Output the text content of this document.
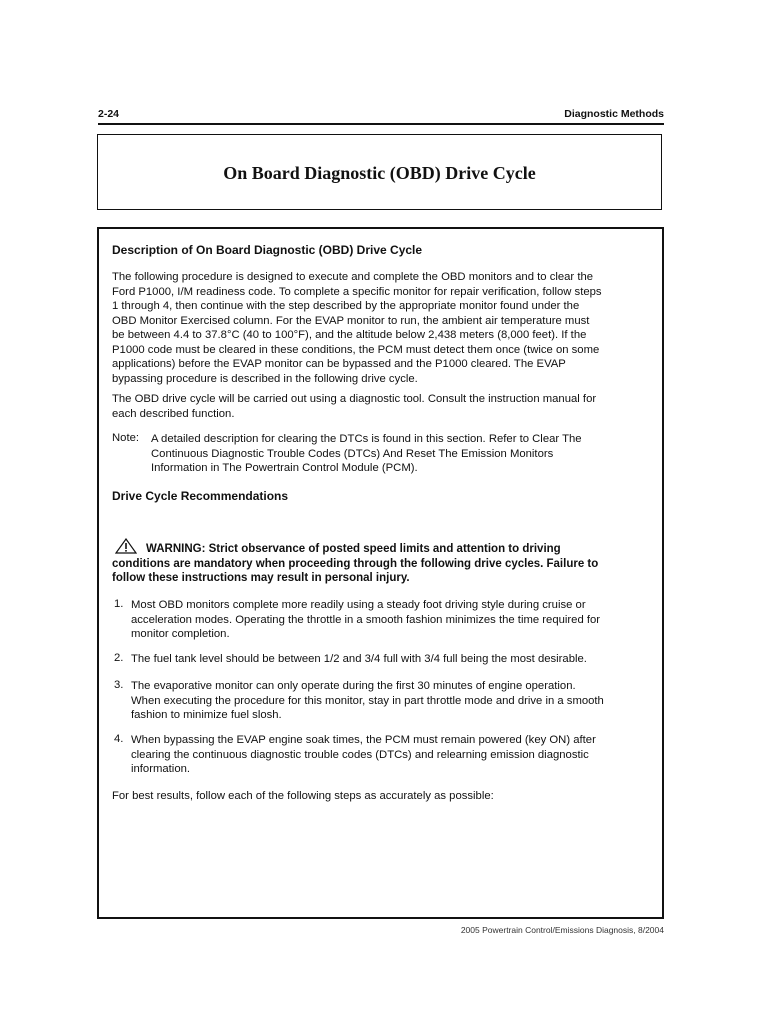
2-24	Diagnostic Methods
On Board Diagnostic (OBD) Drive Cycle
Description of On Board Diagnostic (OBD) Drive Cycle
The following procedure is designed to execute and complete the OBD monitors and to clear the
Ford P1000, I/M readiness code. To complete a specific monitor for repair verification, follow steps
1 through 4, then continue with the step described by the appropriate monitor found under the
OBD Monitor Exercised column. For the EVAP monitor to run, the ambient air temperature must
be between 4.4 to 37.8°C (40 to 100°F), and the altitude below 2,438 meters (8,000 feet). If the
P1000 code must be cleared in these conditions, the PCM must detect them once (twice on some
applications) before the EVAP monitor can be bypassed and the P1000 cleared. The EVAP
bypassing procedure is described in the following drive cycle.
The OBD drive cycle will be carried out using a diagnostic tool. Consult the instruction manual for
each described function.
Note: A detailed description for clearing the DTCs is found in this section. Refer to Clear The
Continuous Diagnostic Trouble Codes (DTCs) And Reset The Emission Monitors
Information in The Powertrain Control Module (PCM).
Drive Cycle Recommendations
WARNING: Strict observance of posted speed limits and attention to driving
conditions are mandatory when proceeding through the following drive cycles. Failure to
follow these instructions may result in personal injury.
1. Most OBD monitors complete more readily using a steady foot driving style during cruise or
acceleration modes. Operating the throttle in a smooth fashion minimizes the time required for
monitor completion.
2. The fuel tank level should be between 1/2 and 3/4 full with 3/4 full being the most desirable.
3. The evaporative monitor can only operate during the first 30 minutes of engine operation.
When executing the procedure for this monitor, stay in part throttle mode and drive in a smooth
fashion to minimize fuel slosh.
4. When bypassing the EVAP engine soak times, the PCM must remain powered (key ON) after
clearing the continuous diagnostic trouble codes (DTCs) and relearning emission diagnostic
information.
For best results, follow each of the following steps as accurately as possible:
2005 Powertrain Control/Emissions Diagnosis, 8/2004
